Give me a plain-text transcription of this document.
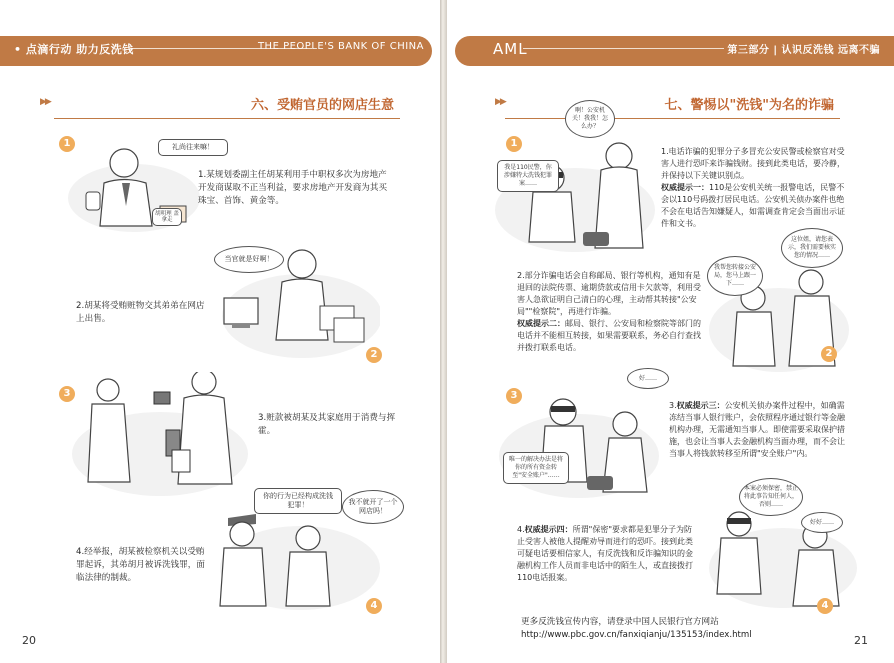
• 点滴行动 助力反洗钱	THE PEOPLE'S BANK OF CHINA
▶▶	六、受贿官员的网店生意
1	礼尚往来嘛！
胡明理 盖拿走
1.某规划委副主任胡某利用手中职权多次为房地产开发商谋取不正当利益，要求房地产开发商为其买珠宝、首饰、黄金等。
当官就是好啊！
2.胡某将受贿赃物交其弟弟在网店上出售。
2
3
3.赃款被胡某及其家庭用于消费与挥霍。
你的行为已经构成洗钱犯罪！	我不就开了一个网店吗！
4.经举报，胡某被检察机关以受贿罪起诉，其弟胡月被诉洗钱罪，面临法律的制裁。
4
20
AML	第三部分 | 认识反洗钱 远离不骗
▶▶	七、警惕以"洗钱"为名的诈骗
1
我是110民警，你涉嫌特大洗钱犯罪案……
啊！公安机关！我我！怎么办？
1.电话诈骗的犯罪分子多冒充公安民警或检察官对受害人进行恐吓来诈骗钱财。接到此类电话，要冷静，并保持以下关键识别点。
权威提示一：110是公安机关统一报警电话，民警不会以110号码拨打居民电话。公安机关侦办案件也绝不会在电话告知嫌疑人，如需调查肯定会当面出示证件和文书。
我帮您转接公安局，您马上跟一下……
这位姐，请您表示，我们需要核实您的情况……
2.部分诈骗电话会自称邮局、银行等机构，通知有是退回的法院传票、逾期贷款或信用卡欠款等，利用受害人急欲证明自己清白的心理，主动帮其转接"公安局""检察院"，再进行诈骗。
权威提示二：邮局、银行、公安局和检察院等部门的电话并不能相互转接，如果需要联系，务必自行查找并拨打联系电话。
2
3
好……
唯一的解决办法是将你的所有资金转至"安全账户"……
3.权威提示三：公安机关侦办案件过程中，如确需冻结当事人银行账户，会依照程序通过银行等金融机构办理，无需通知当事人。即使需要采取保护措施，也会让当事人去金融机构当面办理，而不会让当事人将钱款转移至所谓"安全账户"内。
本案必须保密，禁止将此事告知任何人，否则……
好好……
4.权威提示四：所谓"保密"要求都是犯罪分子为防止受害人被他人提醒劝导而进行的恐吓。接到此类可疑电话要相信家人，有反洗钱和反诈骗知识的金融机构工作人员而非电话中的陌生人，或直接拨打110电话报案。
4
更多反洗钱宣传内容，请登录中国人民银行官方网站
http://www.pbc.gov.cn/fanxiqianju/135153/index.html	21
